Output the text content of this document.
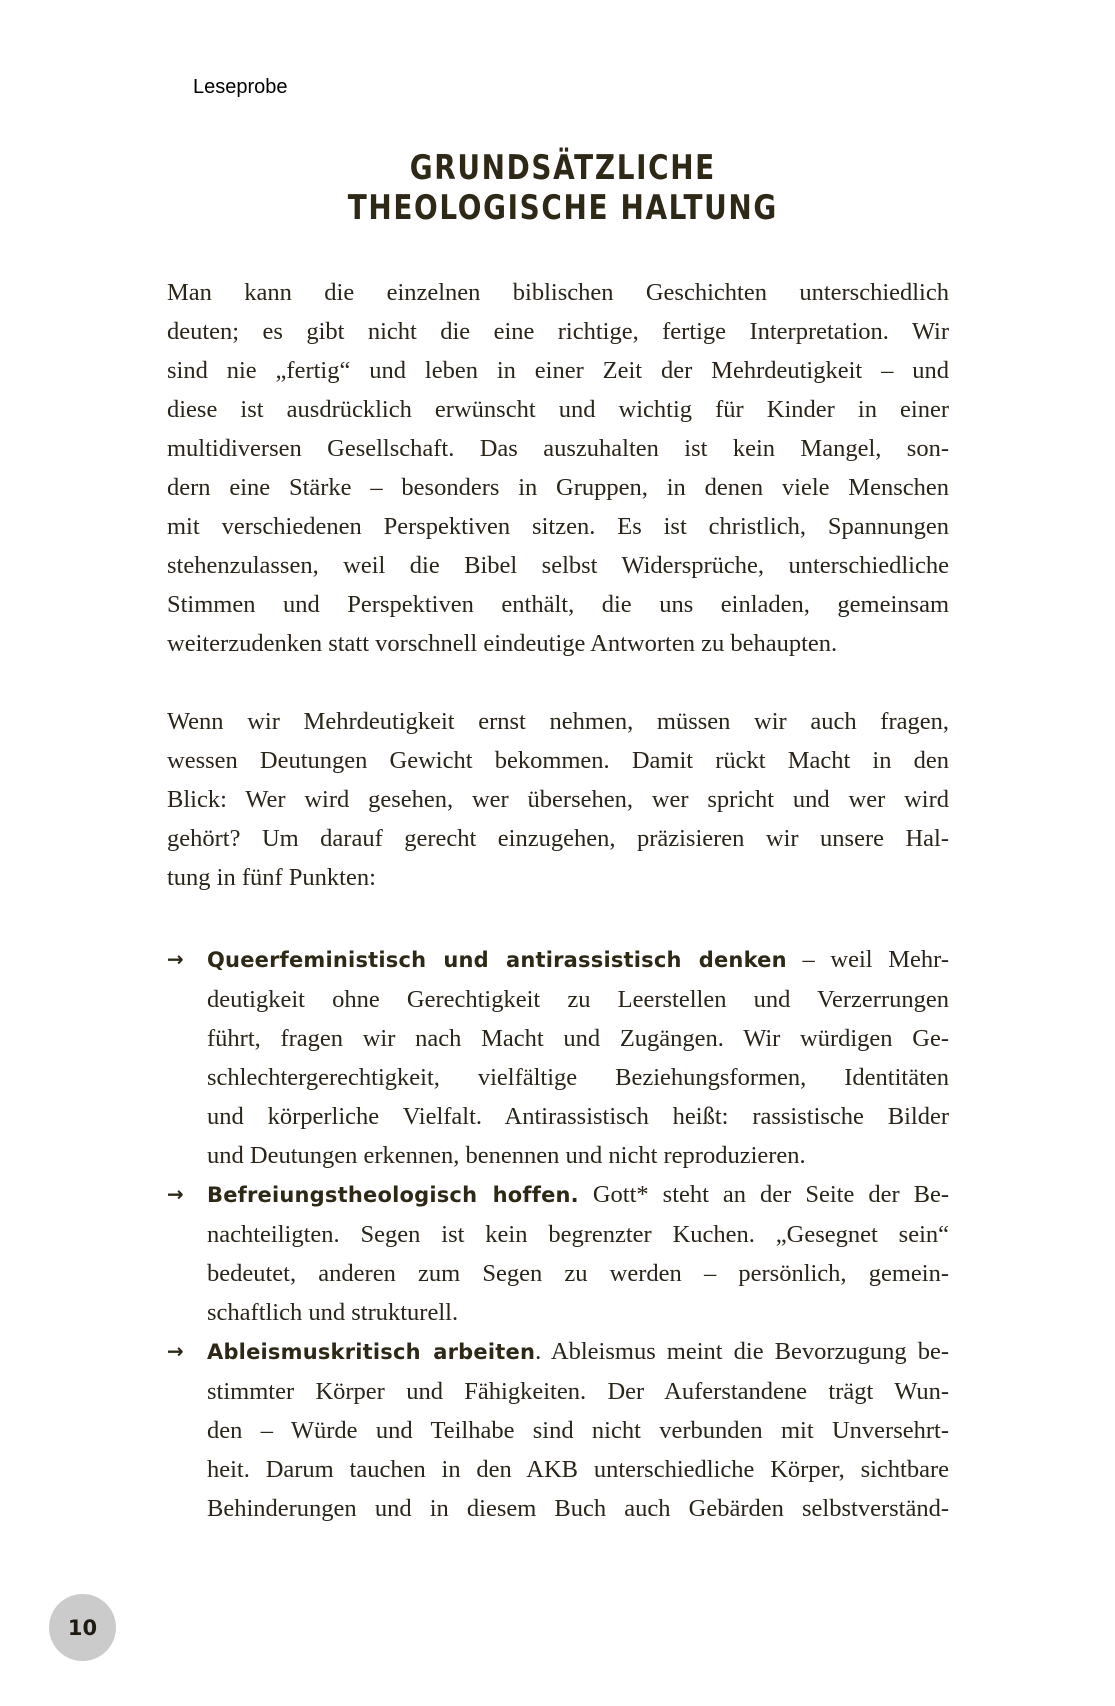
Leseprobe
GRUNDSÄTZLICHE
THEOLOGISCHE HALTUNG
Man kann die einzelnen biblischen Geschichten unterschiedlich
deuten; es gibt nicht die eine richtige, fertige Interpretation. Wir
sind nie „fertig“ und leben in einer Zeit der Mehrdeutigkeit – und
diese ist ausdrücklich erwünscht und wichtig für Kinder in einer
multidiversen Gesellschaft. Das auszuhalten ist kein Mangel, son-
dern eine Stärke – besonders in Gruppen, in denen viele Menschen
mit verschiedenen Perspektiven sitzen. Es ist christlich, Spannungen
stehenzulassen, weil die Bibel selbst Widersprüche, unterschiedliche
Stimmen und Perspektiven enthält, die uns einladen, gemeinsam
weiterzudenken statt vorschnell eindeutige Antworten zu behaupten.
Wenn wir Mehrdeutigkeit ernst nehmen, müssen wir auch fragen,
wessen Deutungen Gewicht bekommen. Damit rückt Macht in den
Blick: Wer wird gesehen, wer übersehen, wer spricht und wer wird
gehört? Um darauf gerecht einzugehen, präzisieren wir unsere Hal-
tung in fünf Punkten:
→ Queerfeministisch und antirassistisch denken – weil Mehr-
deutigkeit ohne Gerechtigkeit zu Leerstellen und Verzerrungen
führt, fragen wir nach Macht und Zugängen. Wir würdigen Ge-
schlechtergerechtigkeit, vielfältige Beziehungsformen, Identitäten
und körperliche Vielfalt. Antirassistisch heißt: rassistische Bilder
und Deutungen erkennen, benennen und nicht reproduzieren.
→ Befreiungstheologisch hoffen. Gott* steht an der Seite der Be-
nachteiligten. Segen ist kein begrenzter Kuchen. „Gesegnet sein“
bedeutet, anderen zum Segen zu werden – persönlich, gemein-
schaftlich und strukturell.
→ Ableismuskritisch arbeiten. Ableismus meint die Bevorzugung be-
stimmter Körper und Fähigkeiten. Der Auferstandene trägt Wun-
den – Würde und Teilhabe sind nicht verbunden mit Unversehrt-
heit. Darum tauchen in den AKB unterschiedliche Körper, sichtbare
Behinderungen und in diesem Buch auch Gebärden selbstverständ-
10
